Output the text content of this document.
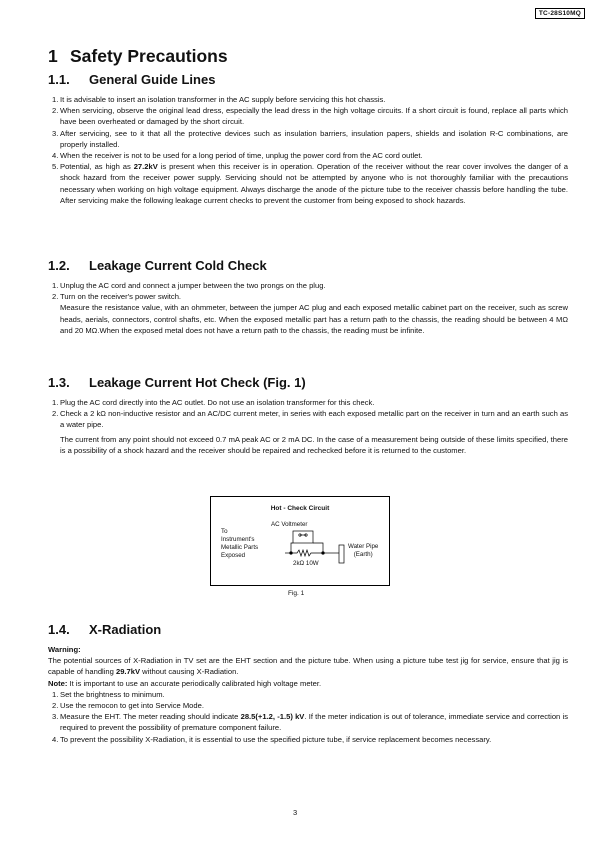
TC-28S10MQ
1 Safety Precautions
1.1. General Guide Lines
1. It is advisable to insert an isolation transformer in the AC supply before servicing this hot chassis.
2. When servicing, observe the original lead dress, especially the lead dress in the high voltage circuits. If a short circuit is found, replace all parts which have been overheated or damaged by the short circuit.
3. After servicing, see to it that all the protective devices such as insulation barriers, insulation papers, shields and isolation R-C combinations, are properly installed.
4. When the receiver is not to be used for a long period of time, unplug the power cord from the AC cord outlet.
5. Potential, as high as 27.2kV is present when this receiver is in operation. Operation of the receiver without the rear cover involves the danger of a shock hazard from the receiver power supply. Servicing should not be attempted by anyone who is not thoroughly familiar with the precautions necessary when working on high voltage equipment. Always discharge the anode of the picture tube to the receiver chassis before handling the tube. After servicing make the following leakage current checks to prevent the customer from being exposed to shock hazards.
1.2. Leakage Current Cold Check
1. Unplug the AC cord and connect a jumper between the two prongs on the plug.
2. Turn on the receiver's power switch.

Measure the resistance value, with an ohmmeter, between the jumper AC plug and each exposed metallic cabinet part on the receiver, such as screw heads, aerials, connectors, control shafts, etc. When the exposed metallic part has a return path to the chassis, the reading should be between 4 MΩ and 20 MΩ.When the exposed metal does not have a return path to the chassis, the reading must be infinite.

1.3. Leakage Current Hot Check (Fig. 1)
1. Plug the AC cord directly into the AC outlet. Do not use an isolation transformer for this check.
2. Check a 2 kΩ non-inductive resistor and an AC/DC current meter, in series with each exposed metallic part on the receiver in turn and an earth such as a water pipe.

The current from any point should not exceed 0.7 mA peak AC or 2 mA DC. In the case of a measurement being outside of these limits specified, there is a possibility of a shock hazard and the receiver should be repaired and rechecked before it is returned to the customer.

Hot - Check Circuit
AC Voltmeter
To
Instrument's
Metallic Parts
Exposed
Water Pipe
(Earth)
2kΩ 10W
Fig. 1
1.4. X-Radiation

Warning:

The potential sources of X-Radiation in TV set are the EHT section and the picture tube. When using a picture tube test jig for service, ensure that jig is capable of handling 29.7kV without causing X-Radiation.

Note: It is important to use an accurate periodically calibrated high voltage meter.

1. Set the brightness to minimum.
2. Use the remocon to get into Service Mode.
3. Measure the EHT. The meter reading should indicate 28.5(+1.2, -1.5) kV. If the meter indication is out of tolerance, immediate service and correction is required to prevent the possibility of premature component failure.
4. To prevent the possibility X-Radiation, it is essential to use the specified picture tube, if service replacement becomes necessary.
3
